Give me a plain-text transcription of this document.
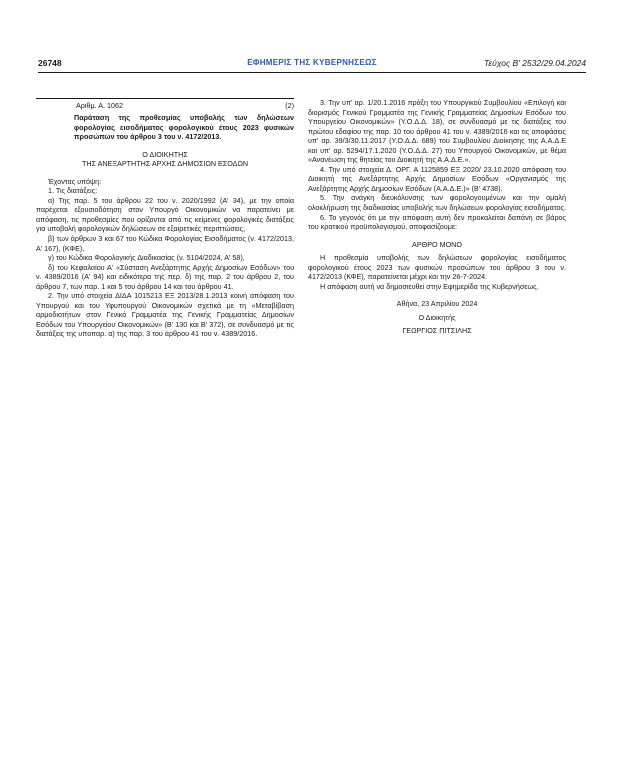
26748	ΕΦΗΜΕΡΙΣ ΤΗΣ ΚΥΒΕΡΝΗΣΕΩΣ	Τεύχος Β' 2532/29.04.2024
Αριθμ. Α. 1062	(2)

Παράταση της προθεσμίας υποβολής των δηλώσεων φορολογίας εισοδήματος φορολογικού έτους 2023 φυσικών προσώπων του άρθρου 3 του ν. 4172/2013.

Ο ΔΙΟΙΚΗΤΗΣ

ΤΗΣ ΑΝΕΞΑΡΤΗΤΗΣ ΑΡΧΗΣ ΔΗΜΟΣΙΩΝ ΕΣΟΔΩΝ

Έχοντας υπόψη:

1. Τις διατάξεις:

α) Της παρ. 5 του άρθρου 22 του ν. 2020/1992 (Α' 34), με την οποία παρέχεται εξουσιοδότηση στον Υπουργό Οικονομικών να παρατείνει με απόφαση, τις προθεσμίες που ορίζονται από τις κείμενες φορολογικές διατάξεις για υποβολή φορολογικών δηλώσεων σε εξαιρετικές περιπτώσεις,

β) των άρθρων 3 και 67 του Κώδικα Φορολογίας Εισοδήματος (ν. 4172/2013, Α' 167), (ΚΦΕ),

γ) του Κώδικα Φορολογικής Διαδικασίας (ν. 5104/2024, Α' 58),

δ) του Κεφαλαίου Α' «Σύσταση Ανεξάρτητης Αρχής Δημοσίων Εσόδων» του ν. 4389/2016 (Α' 94) και ειδικότερα της περ. δ) της παρ. 2 του άρθρου 2, του άρθρου 7, των παρ. 1 και 5 του άρθρου 14 και του άρθρου 41.

2. Την υπό στοιχεία ΔΙΔΑ 1015213 ΕΞ 2013/28.1.2013 κοινή απόφαση του Υπουργού και του Υφυπουργού Οικονομικών σχετικά με τη «Μεταβίβαση αρμοδιοτήτων στον Γενικό Γραμματέα της Γενικής Γραμματείας Δημοσίων Εσόδων του Υπουργείου Οικονομικών» (Β' 130 και Β' 372), σε συνδυασμό με τις διατάξεις της υποπαρ. α) της παρ. 3 του άρθρου 41 του ν. 4389/2016.

3. Την υπ' αρ. 1/20.1.2016 πράξη του Υπουργικού Συμβουλίου «Επιλογή και διορισμός Γενικού Γραμματέα της Γενικής Γραμματείας Δημοσίων Εσόδων του Υπουργείου Οικονομικών» (Υ.Ο.Δ.Δ. 18), σε συνδυασμό με τις διατάξεις του πρώτου εδαφίου της παρ. 10 του άρθρου 41 του ν. 4389/2016 και τις αποφάσεις υπ' αρ. 39/3/30.11.2017 (Υ.Ο.Δ.Δ. 689) του Συμβουλίου Διοίκησης της Α.Α.Δ.Ε και υπ' αρ. 5294/17.1.2020 (Υ.Ο.Δ.Δ. 27) του Υπουργού Οικονομικών, με θέμα «Ανανέωση της θητείας του Διοικητή της Α.Α.Δ.Ε.».

4. Την υπό στοιχεία Δ. ΟΡΓ. Α 1125859 ΕΞ 2020/ 23.10.2020 απόφαση του Διοικητή της Ανεξάρτητης Αρχής Δημοσίων Εσόδων «Οργανισμός της Ανεξάρτητης Αρχής Δημοσίων Εσόδων (Α.Α.Δ.Ε.)» (Β' 4738).

5. Την ανάγκη διευκόλυνσης των φορολογουμένων και την ομαλή ολοκλήρωση της διαδικασίας υποβολής των δηλώσεων φορολογίας εισοδήματος.

6. Το γεγονός ότι με την απόφαση αυτή δεν προκαλείται δαπάνη σε βάρος του κρατικού προϋπολογισμού, αποφασίζουμε:

ΑΡΘΡΟ ΜΟΝΟ

Η προθεσμία υποβολής των δηλώσεων φορολογίας εισοδήματος φορολογικού έτους 2023 των φυσικών προσώπων του άρθρου 3 του ν. 4172/2013 (ΚΦΕ), παρατείνεται μέχρι και την 26-7-2024.

Η απόφαση αυτή να δημοσιευθεί στην Εφημερίδα της Κυβερνήσεως.

Αθήνα, 23 Απριλίου 2024

Ο Διοικητής

ΓΕΩΡΓΙΟΣ ΠΙΤΣΙΛΗΣ
